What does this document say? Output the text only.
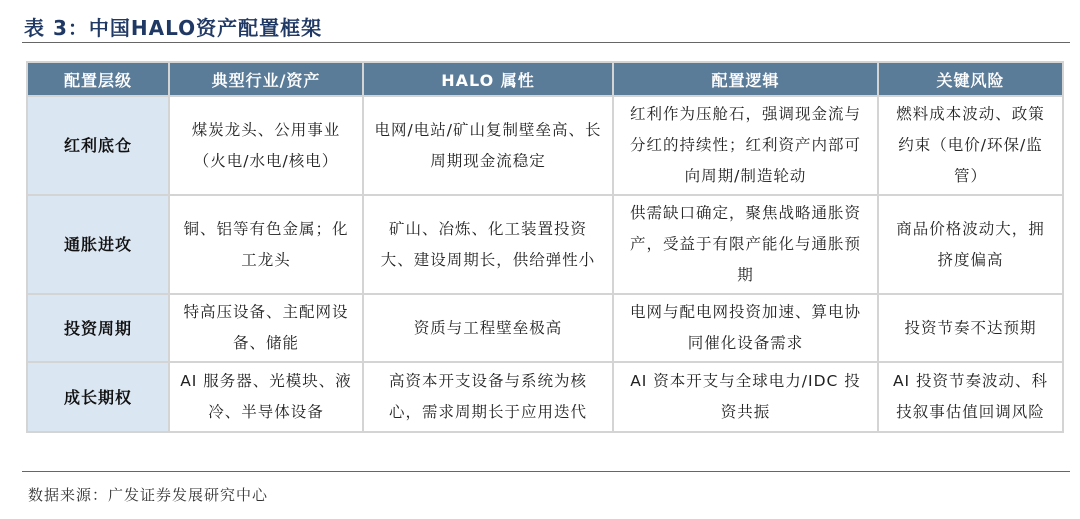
表 3：中国HALO资产配置框架
配置层级	典型行业/资产	HALO 属性	配置逻辑	关键风险
红利底仓	煤炭龙头、公用事业（火电/水电/核电）	电网/电站/矿山复制壁垒高、长周期现金流稳定	红利作为压舱石，强调现金流与分红的持续性；红利资产内部可向周期/制造轮动	燃料成本波动、政策约束（电价/环保/监管）
通胀进攻	铜、铝等有色金属；化工龙头	矿山、冶炼、化工装置投资大、建设周期长，供给弹性小	供需缺口确定，聚焦战略通胀资产，受益于有限产能化与通胀预期	商品价格波动大，拥挤度偏高
投资周期	特高压设备、主配网设备、储能	资质与工程壁垒极高	电网与配电网投资加速、算电协同催化设备需求	投资节奏不达预期
成长期权	AI 服务器、光模块、液冷、半导体设备	高资本开支设备与系统为核心，需求周期长于应用迭代	AI 资本开支与全球电力/IDC 投资共振	AI 投资节奏波动、科技叙事估值回调风险
数据来源：广发证券发展研究中心
